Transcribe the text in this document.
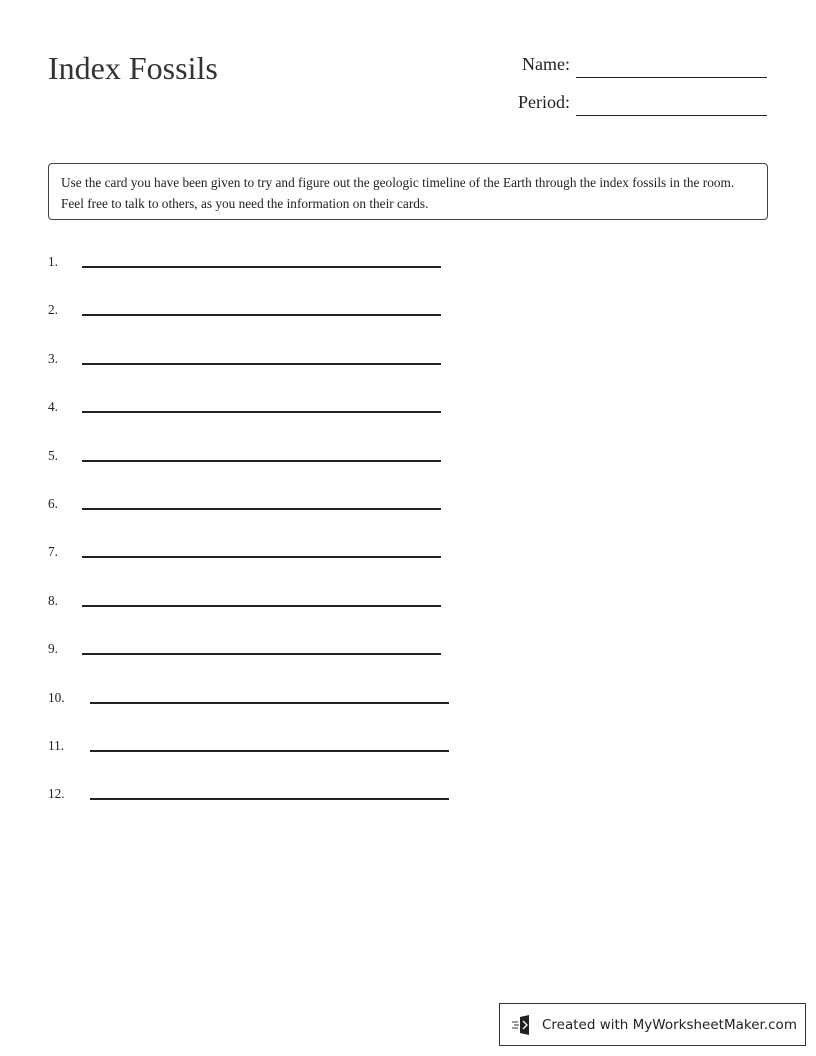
Index Fossils	Name:
Period:
Use the card you have been given to try and figure out the geologic timeline of the Earth through the index fossils in the room. Feel free to talk to others, as you need the information on their cards.
1.
2.
3.
4.
5.
6.
7.
8.
9.
10.
11.
12.
Created with MyWorksheetMaker.com
